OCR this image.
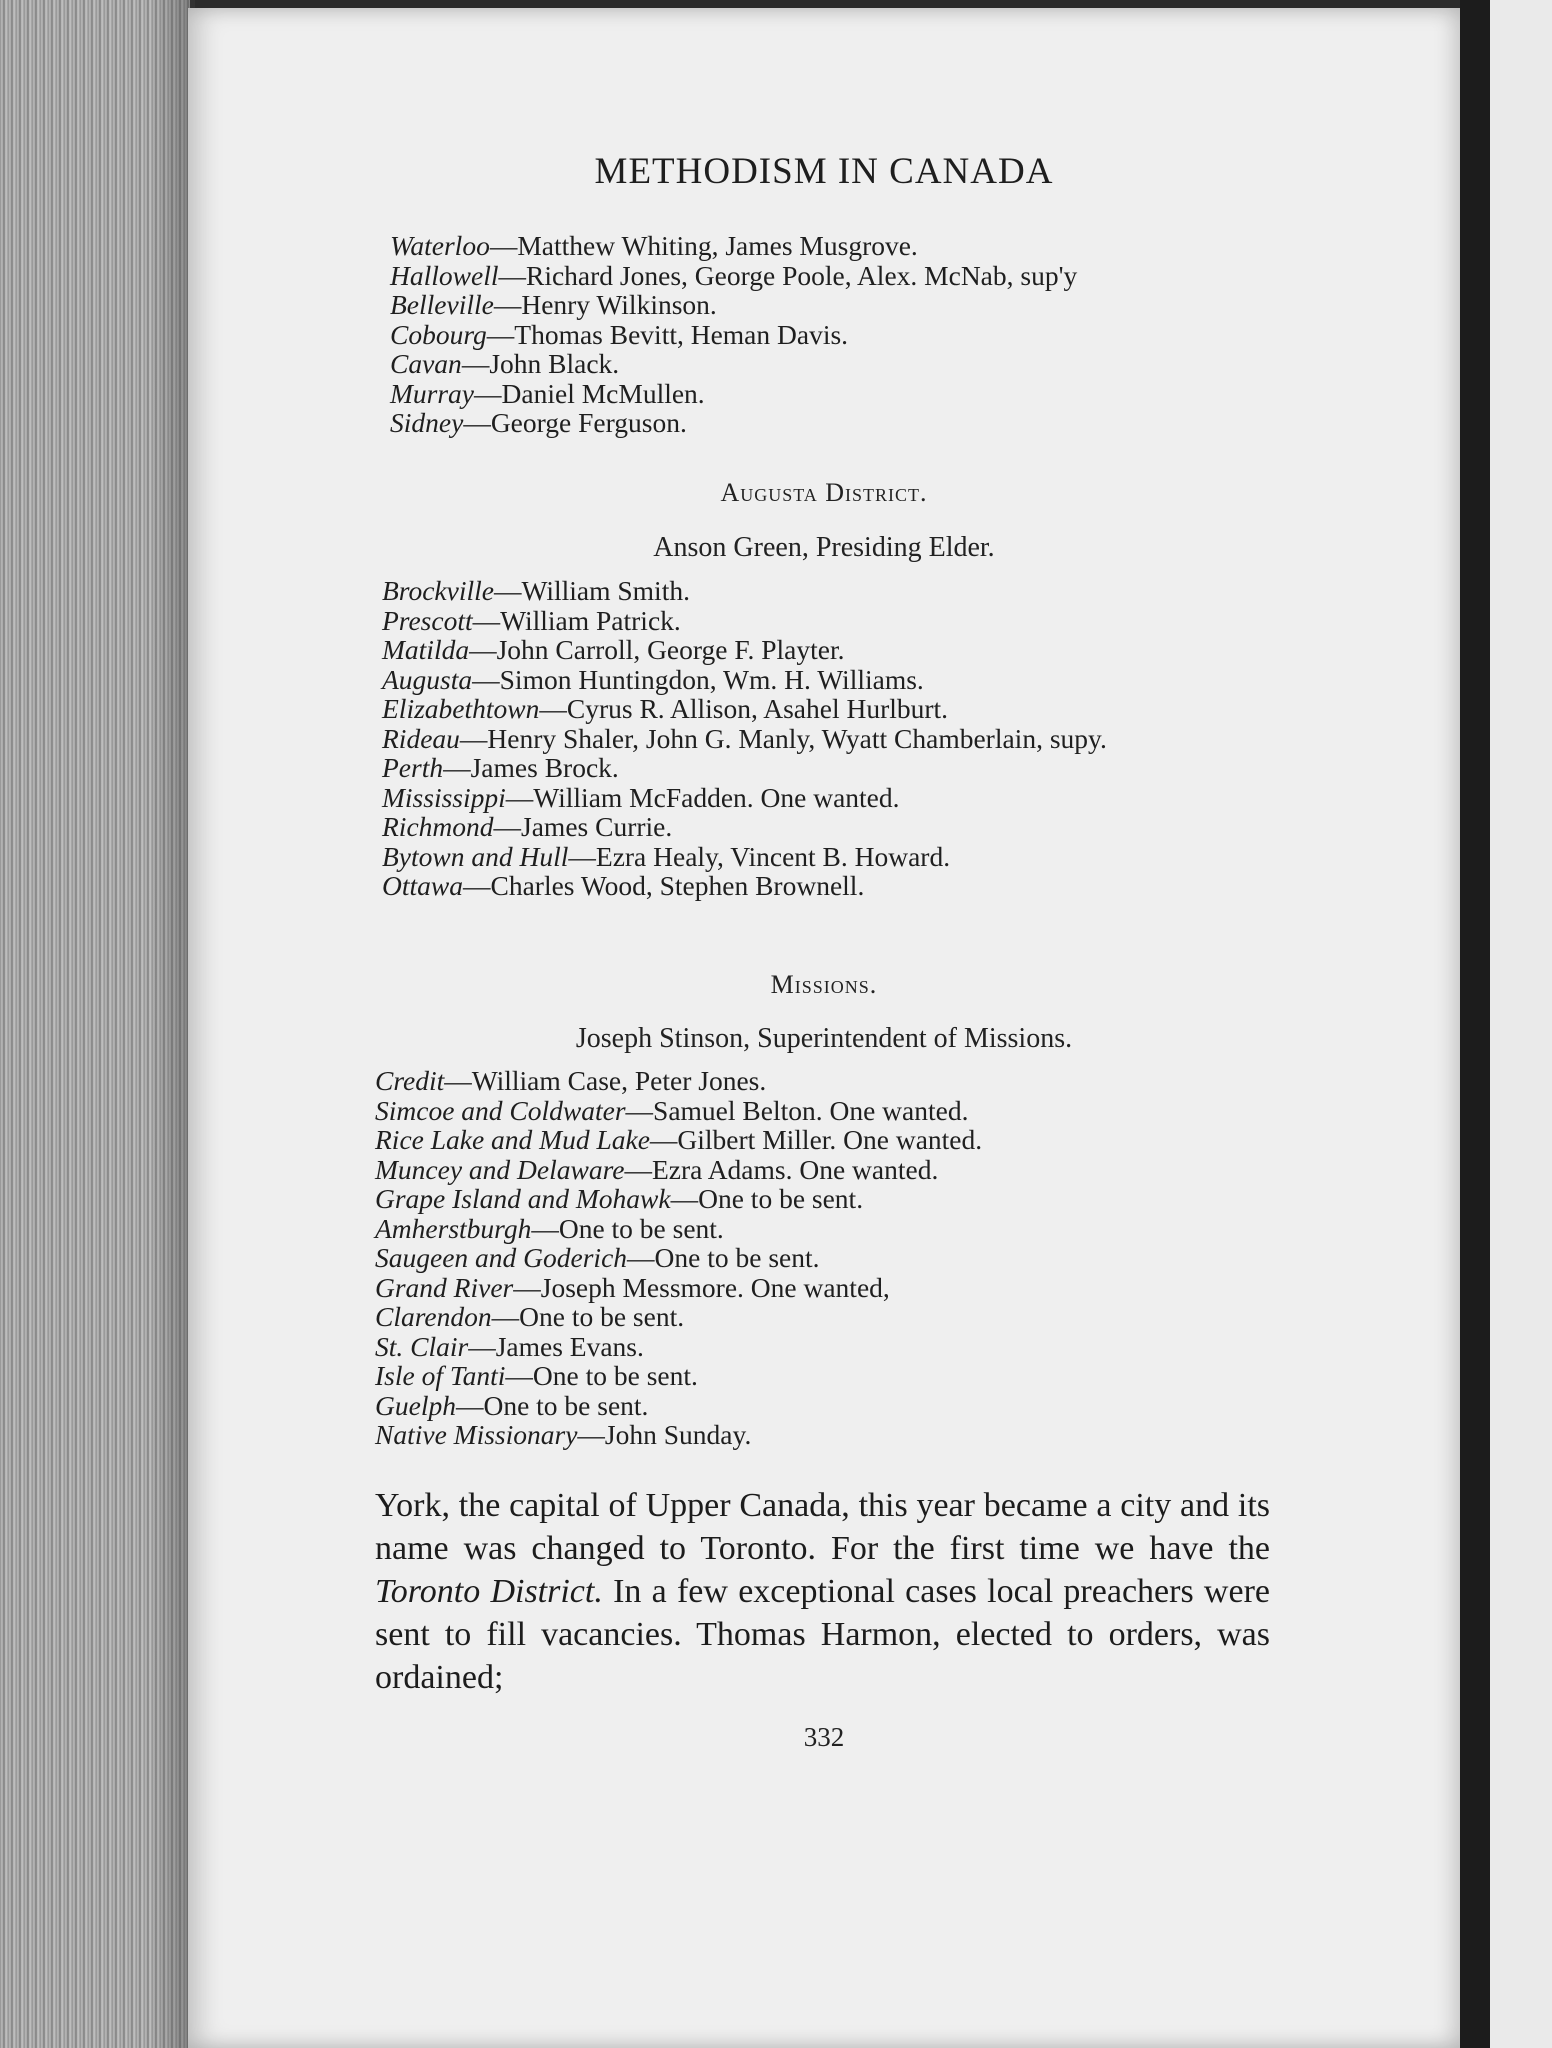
METHODISM IN CANADA
Waterloo—Matthew Whiting, James Musgrove.
Hallowell—Richard Jones, George Poole, Alex. McNab, sup'y
Belleville—Henry Wilkinson.
Cobourg—Thomas Bevitt, Heman Davis.
Cavan—John Black.
Murray—Daniel McMullen.
Sidney—George Ferguson.
Augusta District.
Anson Green, Presiding Elder.
Brockville—William Smith.
Prescott—William Patrick.
Matilda—John Carroll, George F. Playter.
Augusta—Simon Huntingdon, Wm. H. Williams.
Elizabethtown—Cyrus R. Allison, Asahel Hurlburt.
Rideau—Henry Shaler, John G. Manly, Wyatt Chamberlain, supy.
Perth—James Brock.
Mississippi—William McFadden. One wanted.
Richmond—James Currie.
Bytown and Hull—Ezra Healy, Vincent B. Howard.
Ottawa—Charles Wood, Stephen Brownell.
Missions.
Joseph Stinson, Superintendent of Missions.
Credit—William Case, Peter Jones.
Simcoe and Coldwater—Samuel Belton. One wanted.
Rice Lake and Mud Lake—Gilbert Miller. One wanted.
Muncey and Delaware—Ezra Adams. One wanted.
Grape Island and Mohawk—One to be sent.
Amherstburgh—One to be sent.
Saugeen and Goderich—One to be sent.
Grand River—Joseph Messmore. One wanted,
Clarendon—One to be sent.
St. Clair—James Evans.
Isle of Tanti—One to be sent.
Guelph—One to be sent.
Native Missionary—John Sunday.

York, the capital of Upper Canada, this year became a city and its name was changed to Toronto. For the first time we have the Toronto District. In a few exceptional cases local preachers were sent to fill vacancies. Thomas Harmon, elected to orders, was ordained;

332
